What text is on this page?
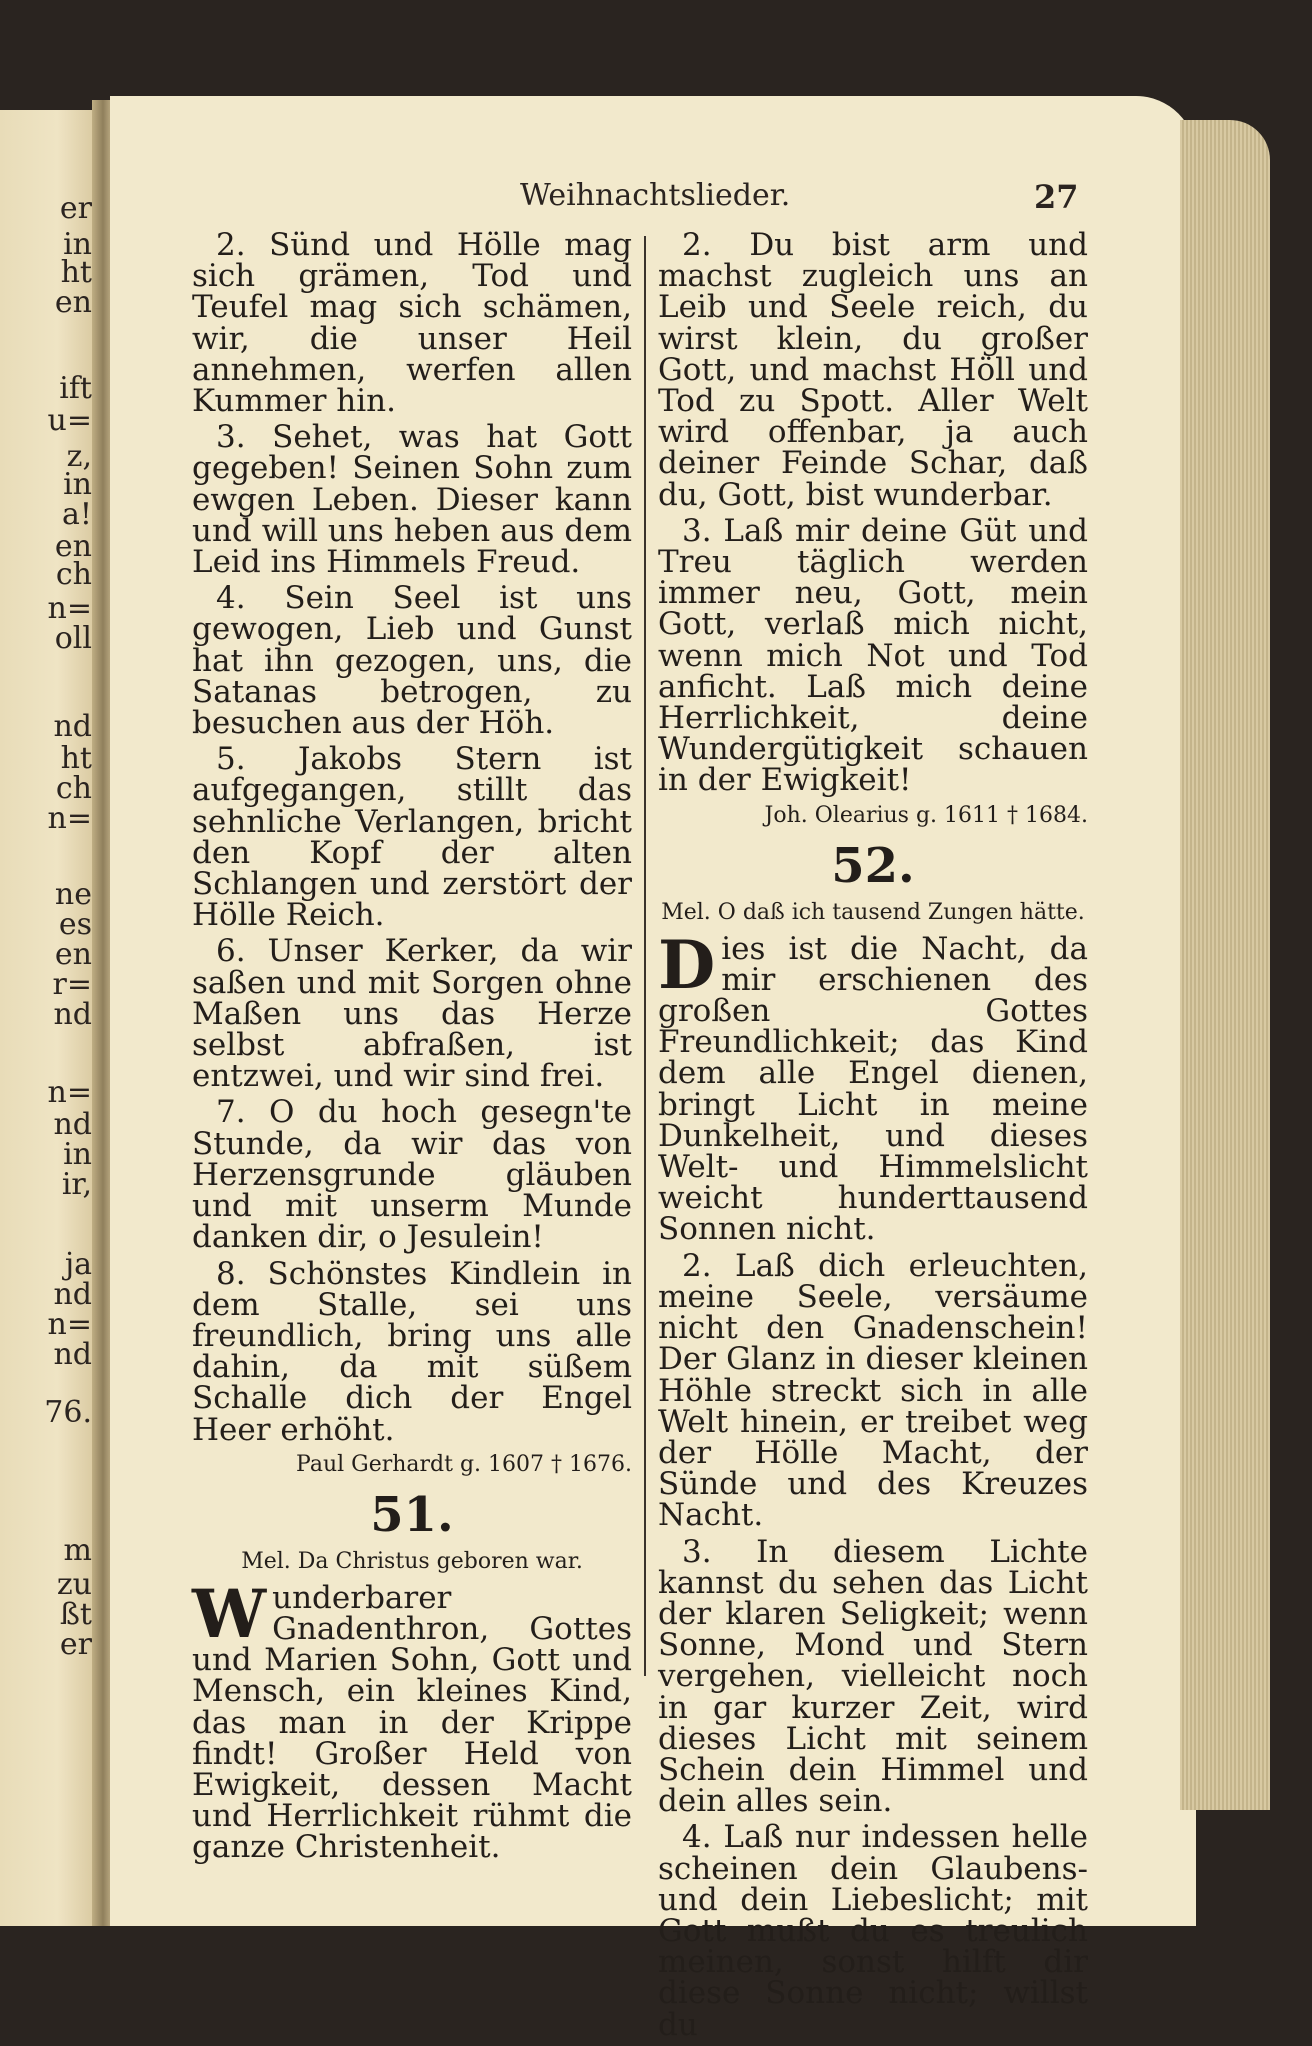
er
in
ht
en
ift
u=
z,
in
a!
en
ch
n=
oll
nd
ht
ch
n=
ne
es
en
r=
nd
n=
nd
in
ir,
ja
nd
n=
nd
76.
m
zu
ßt
er
Weihnachtslieder.	27

2. Sünd und Hölle mag sich grämen, Tod und Teufel mag sich schämen, wir, die unser Heil annehmen, werfen allen Kummer hin.

3. Sehet, was hat Gott gegeben! Seinen Sohn zum ewgen Leben. Dieser kann und will uns heben aus dem Leid ins Himmels Freud.

4. Sein Seel ist uns gewogen, Lieb und Gunst hat ihn gezogen, uns, die Satanas betrogen, zu besuchen aus der Höh.

5. Jakobs Stern ist aufgegangen, stillt das sehnliche Verlangen, bricht den Kopf der alten Schlangen und zerstört der Hölle Reich.

6. Unser Kerker, da wir saßen und mit Sorgen ohne Maßen uns das Herze selbst abfraßen, ist entzwei, und wir sind frei.

7. O du hoch gesegn'te Stunde, da wir das von Herzensgrunde gläuben und mit unserm Munde danken dir, o Jesulein!

8. Schönstes Kindlein in dem Stalle, sei uns freundlich, bring uns alle dahin, da mit süßem Schalle dich der Engel Heer erhöht.

Paul Gerhardt g. 1607 † 1676.

51.

Mel. Da Christus geboren war.

Wunderbarer Gnadenthron, Gottes und Marien Sohn, Gott und Mensch, ein kleines Kind, das man in der Krippe findt! Großer Held von Ewigkeit, dessen Macht und Herrlichkeit rühmt die ganze Christenheit.

2. Du bist arm und machst zugleich uns an Leib und Seele reich, du wirst klein, du großer Gott, und machst Höll und Tod zu Spott. Aller Welt wird offenbar, ja auch deiner Feinde Schar, daß du, Gott, bist wunderbar.

3. Laß mir deine Güt und Treu täglich werden immer neu, Gott, mein Gott, verlaß mich nicht, wenn mich Not und Tod anficht. Laß mich deine Herrlichkeit, deine Wundergütigkeit schauen in der Ewigkeit!

Joh. Olearius g. 1611 † 1684.

52.

Mel. O daß ich tausend Zungen hätte.

Dies ist die Nacht, da mir erschienen des großen Gottes Freundlichkeit; das Kind dem alle Engel dienen, bringt Licht in meine Dunkelheit, und dieses Welt- und Himmelslicht weicht hunderttausend Sonnen nicht.

2. Laß dich erleuchten, meine Seele, versäume nicht den Gnadenschein! Der Glanz in dieser kleinen Höhle streckt sich in alle Welt hinein, er treibet weg der Hölle Macht, der Sünde und des Kreuzes Nacht.

3. In diesem Lichte kannst du sehen das Licht der klaren Seligkeit; wenn Sonne, Mond und Stern vergehen, vielleicht noch in gar kurzer Zeit, wird dieses Licht mit seinem Schein dein Himmel und dein alles sein.

4. Laß nur indessen helle scheinen dein Glaubens- und dein Liebeslicht; mit Gott mußt du es treulich meinen, sonst hilft dir diese Sonne nicht; willst du
